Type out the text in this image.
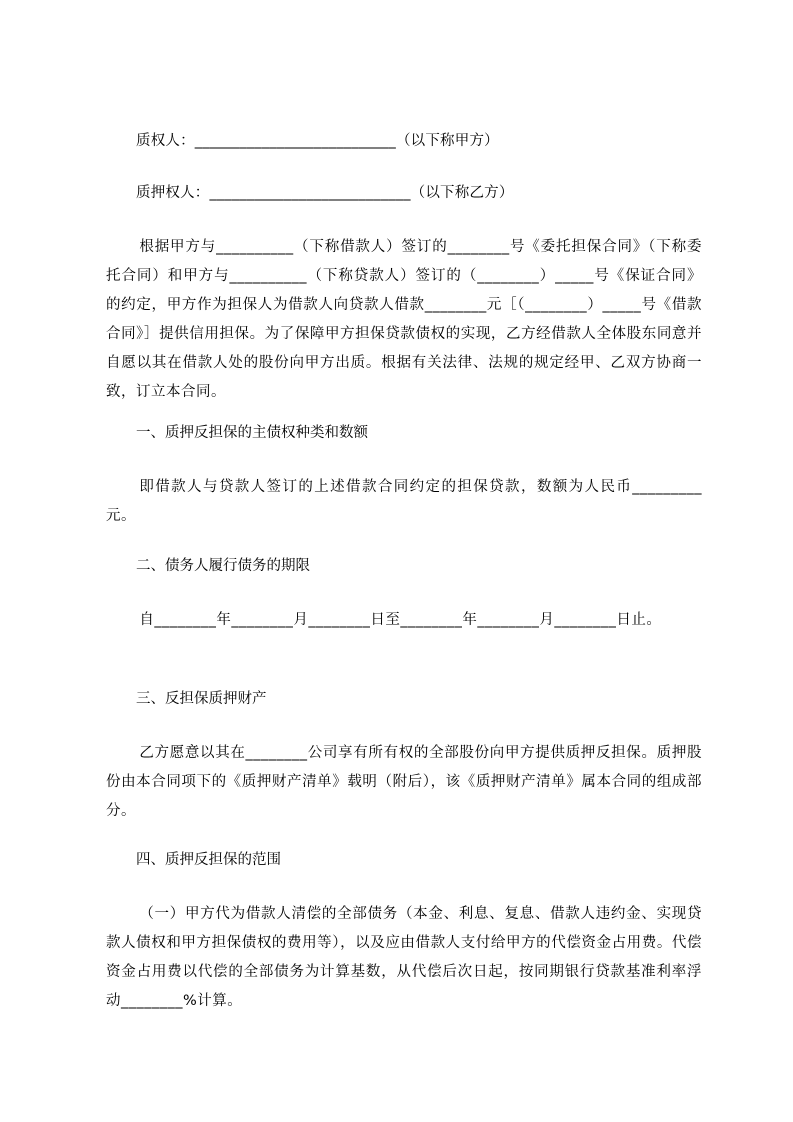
质权人：___________________________（以下称甲方）
质押权人：___________________________（以下称乙方）
根据甲方与__________（下称借款人）签订的________号《委托担保合同》（下称委托合同）和甲方与__________（下称贷款人）签订的（________）_____号《保证合同》的约定，甲方作为担保人为借款人向贷款人借款________元［（________）_____号《借款合同》］提供信用担保。为了保障甲方担保贷款债权的实现，乙方经借款人全体股东同意并自愿以其在借款人处的股份向甲方出质。根据有关法律、法规的规定经甲、乙双方协商一致，订立本合同。
一、质押反担保的主债权种类和数额
即借款人与贷款人签订的上述借款合同约定的担保贷款，数额为人民币_________元。
二、债务人履行债务的期限
自________年________月________日至________年________月________日止。
三、反担保质押财产
乙方愿意以其在________公司享有所有权的全部股份向甲方提供质押反担保。质押股份由本合同项下的《质押财产清单》载明（附后），该《质押财产清单》属本合同的组成部分。
四、质押反担保的范围
（一）甲方代为借款人清偿的全部债务（本金、利息、复息、借款人违约金、实现贷款人债权和甲方担保债权的费用等），以及应由借款人支付给甲方的代偿资金占用费。代偿资金占用费以代偿的全部债务为计算基数，从代偿后次日起，按同期银行贷款基准利率浮动________%计算。
